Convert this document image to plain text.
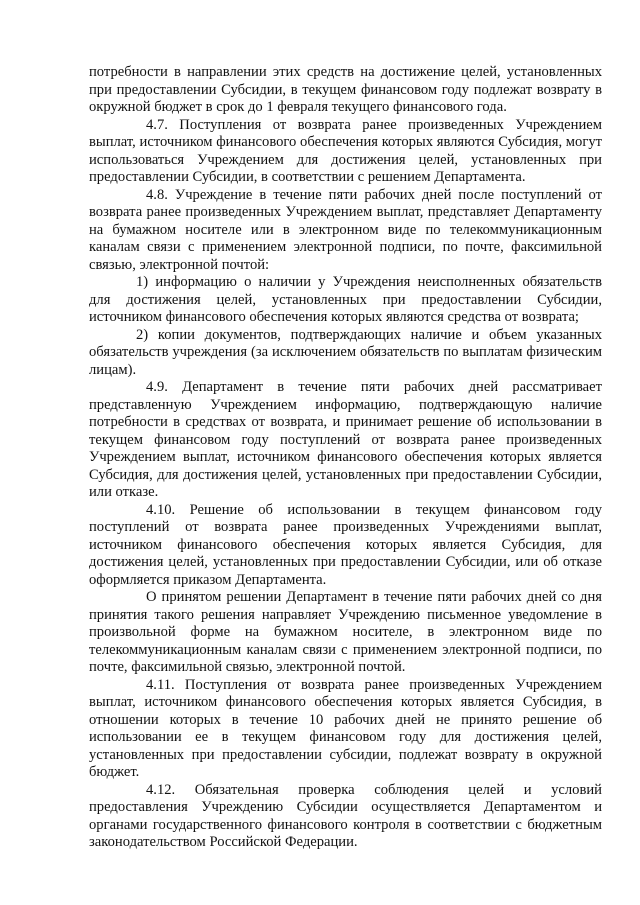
потребности в направлении этих средств на достижение целей, установленных при предоставлении Субсидии, в текущем финансовом году подлежат возврату в окружной бюджет в срок до 1 февраля текущего финансового года.

4.7. Поступления от возврата ранее произведенных Учреждением выплат, источником финансового обеспечения которых являются Субсидия, могут использоваться Учреждением для достижения целей, установленных при предоставлении Субсидии, в соответствии с решением Департамента.

4.8. Учреждение в течение пяти рабочих дней после поступлений от возврата ранее произведенных Учреждением выплат, представляет Департаменту на бумажном носителе или в электронном виде по телекоммуникационным каналам связи с применением электронной подписи, по почте, факсимильной связью, электронной почтой:

1) информацию о наличии у Учреждения неисполненных обязательств для достижения целей, установленных при предоставлении Субсидии, источником финансового обеспечения которых являются средства от возврата;

2) копии документов, подтверждающих наличие и объем указанных обязательств учреждения (за исключением обязательств по выплатам физическим лицам).

4.9. Департамент в течение пяти рабочих дней рассматривает представленную Учреждением информацию, подтверждающую наличие потребности в средствах от возврата, и принимает решение об использовании в текущем финансовом году поступлений от возврата ранее произведенных Учреждением выплат, источником финансового обеспечения которых является Субсидия, для достижения целей, установленных при предоставлении Субсидии, или отказе.

4.10. Решение об использовании в текущем финансовом году поступлений от возврата ранее произведенных Учреждениями выплат, источником финансового обеспечения которых является Субсидия, для достижения целей, установленных при предоставлении Субсидии, или об отказе оформляется приказом Департамента.

О принятом решении Департамент в течение пяти рабочих дней со дня принятия такого решения направляет Учреждению письменное уведомление в произвольной форме на бумажном носителе, в электронном виде по телекоммуникационным каналам связи с применением электронной подписи, по почте, факсимильной связью, электронной почтой.

4.11. Поступления от возврата ранее произведенных Учреждением выплат, источником финансового обеспечения которых является Субсидия, в отношении которых в течение 10 рабочих дней не принято решение об использовании ее в текущем финансовом году для достижения целей, установленных при предоставлении субсидии, подлежат возврату в окружной бюджет.

4.12. Обязательная проверка соблюдения целей и условий предоставления Учреждению Субсидии осуществляется Департаментом и органами государственного финансового контроля в соответствии с бюджетным законодательством Российской Федерации.
